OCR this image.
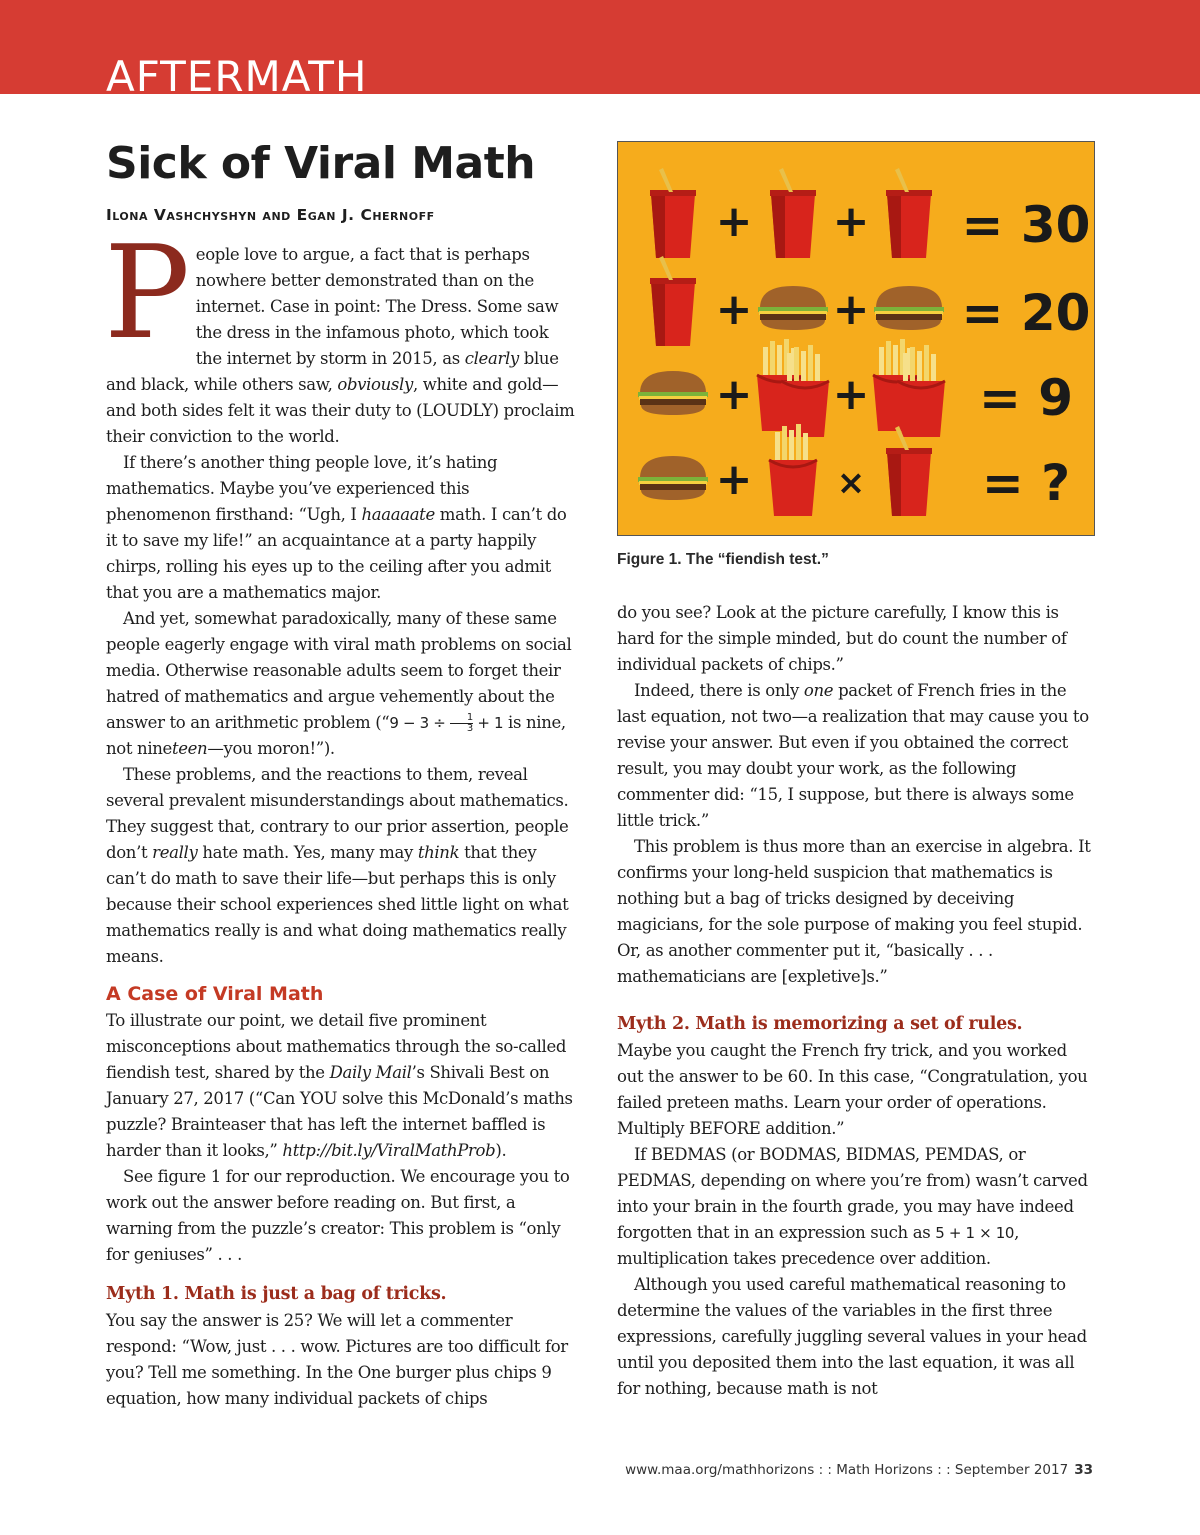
AFTERMATH
Sick of Viral Math
Ilona Vashchyshyn and Egan J. Chernoff

People love to argue, a fact that is perhaps nowhere better demonstrated than on the internet. Case in point: The Dress. Some saw the dress in the infamous photo, which took the internet by storm in 2015, as clearly blue and black, while others saw, obviously, white and gold—and both sides felt it was their duty to (LOUDLY) proclaim their conviction to the world.

If there’s another thing people love, it’s hating mathematics. Maybe you’ve experienced this phenomenon firsthand: “Ugh, I haaaaate math. I can’t do it to save my life!” an acquaintance at a party happily chirps, rolling his eyes up to the ceiling after you admit that you are a mathematics major.

And yet, somewhat paradoxically, many of these same people eagerly engage with viral math problems on social media. Otherwise reasonable adults seem to forget their hatred of mathematics and argue vehemently about the answer to an arithmetic problem (“9 − $3 \div \frac{1}{3} + 1$ is nine, not nineteen—you moron!”).

These problems, and the reactions to them, reveal several prevalent misunderstandings about mathematics. They suggest that, contrary to our prior assertion, people don’t really hate math. Yes, many may think that they can’t do math to save their life—but perhaps this is only because their school experiences shed little light on what mathematics really is and what doing mathematics really means.

A Case of Viral Math

To illustrate our point, we detail five prominent misconceptions about mathematics through the so-called fiendish test, shared by the Daily Mail’s Shivali Best on January 27, 2017 (“Can YOU solve this McDonald’s maths puzzle? Brainteaser that has left the internet baffled is harder than it looks,” http://bit.ly/ViralMathProb).

See figure 1 for our reproduction. We encourage you to work out the answer before reading on. But first, a warning from the puzzle’s creator: This problem is “only for geniuses” . . .

Myth 1. Math is just a bag of tricks.

You say the answer is 25? We will let a commenter respond: “Wow, just . . . wow. Pictures are too difficult for you? Tell me something. In the One burger plus chips 9 equation, how many individual packets of chips

+ + = 30
+ + = 20
+ + = 9
+ × = ?
Figure 1. The “fiendish test.”

do you see? Look at the picture carefully, I know this is hard for the simple minded, but do count the number of individual packets of chips.”

Indeed, there is only one packet of French fries in the last equation, not two—a realization that may cause you to revise your answer. But even if you obtained the correct result, you may doubt your work, as the following commenter did: “15, I suppose, but there is always some little trick.”

This problem is thus more than an exercise in algebra. It confirms your long-held suspicion that mathematics is nothing but a bag of tricks designed by deceiving magicians, for the sole purpose of making you feel stupid. Or, as another commenter put it, “basically . . . mathematicians are [expletive]s.”

Myth 2. Math is memorizing a set of rules.

Maybe you caught the French fry trick, and you worked out the answer to be 60. In this case, “Congratulation, you failed preteen maths. Learn your order of operations. Multiply BEFORE addition.”

If BEDMAS (or BODMAS, BIDMAS, PEMDAS, or PEDMAS, depending on where you’re from) wasn’t carved into your brain in the fourth grade, you may have indeed forgotten that in an expression such as 5 + 1 × 10, multiplication takes precedence over addition.

Although you used careful mathematical reasoning to determine the values of the variables in the first three expressions, carefully juggling several values in your head until you deposited them into the last equation, it was all for nothing, because math is not

www.maa.org/mathhorizons : : Math Horizons : : September 2017 33
